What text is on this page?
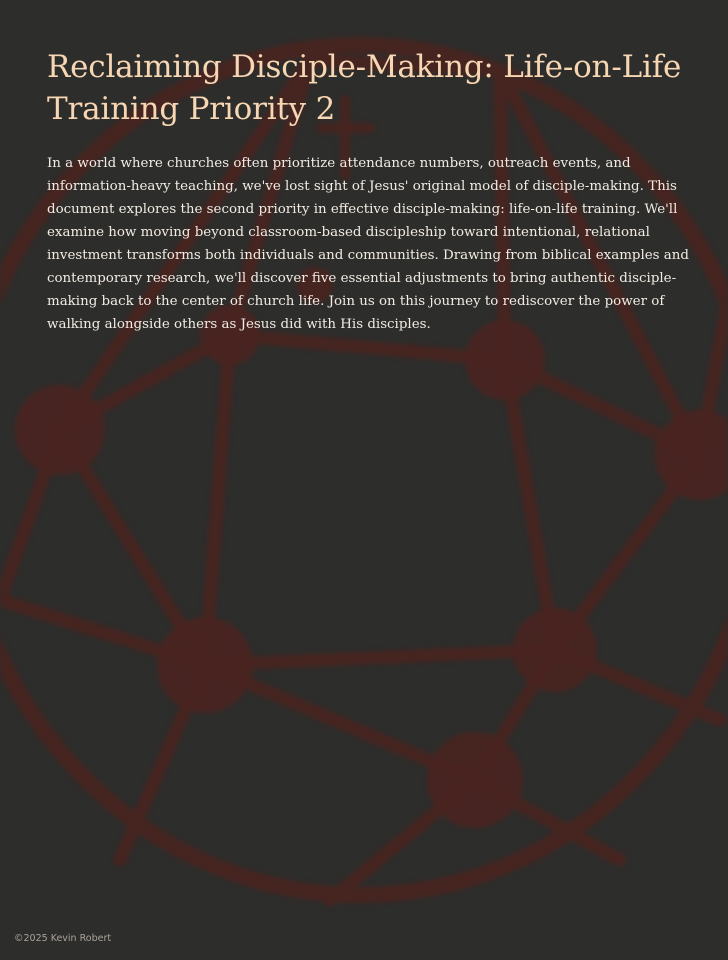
Reclaiming Disciple-Making: Life-on-Life Training Priority 2

In a world where churches often prioritize attendance numbers, outreach events, and information-heavy teaching, we've lost sight of Jesus' original model of disciple-making. This document explores the second priority in effective disciple-making: life-on-life training. We'll examine how moving beyond classroom-based discipleship toward intentional, relational investment transforms both individuals and communities. Drawing from biblical examples and contemporary research, we'll discover five essential adjustments to bring authentic disciple-making back to the center of church life. Join us on this journey to rediscover the power of walking alongside others as Jesus did with His disciples.

©2025 Kevin Robert
